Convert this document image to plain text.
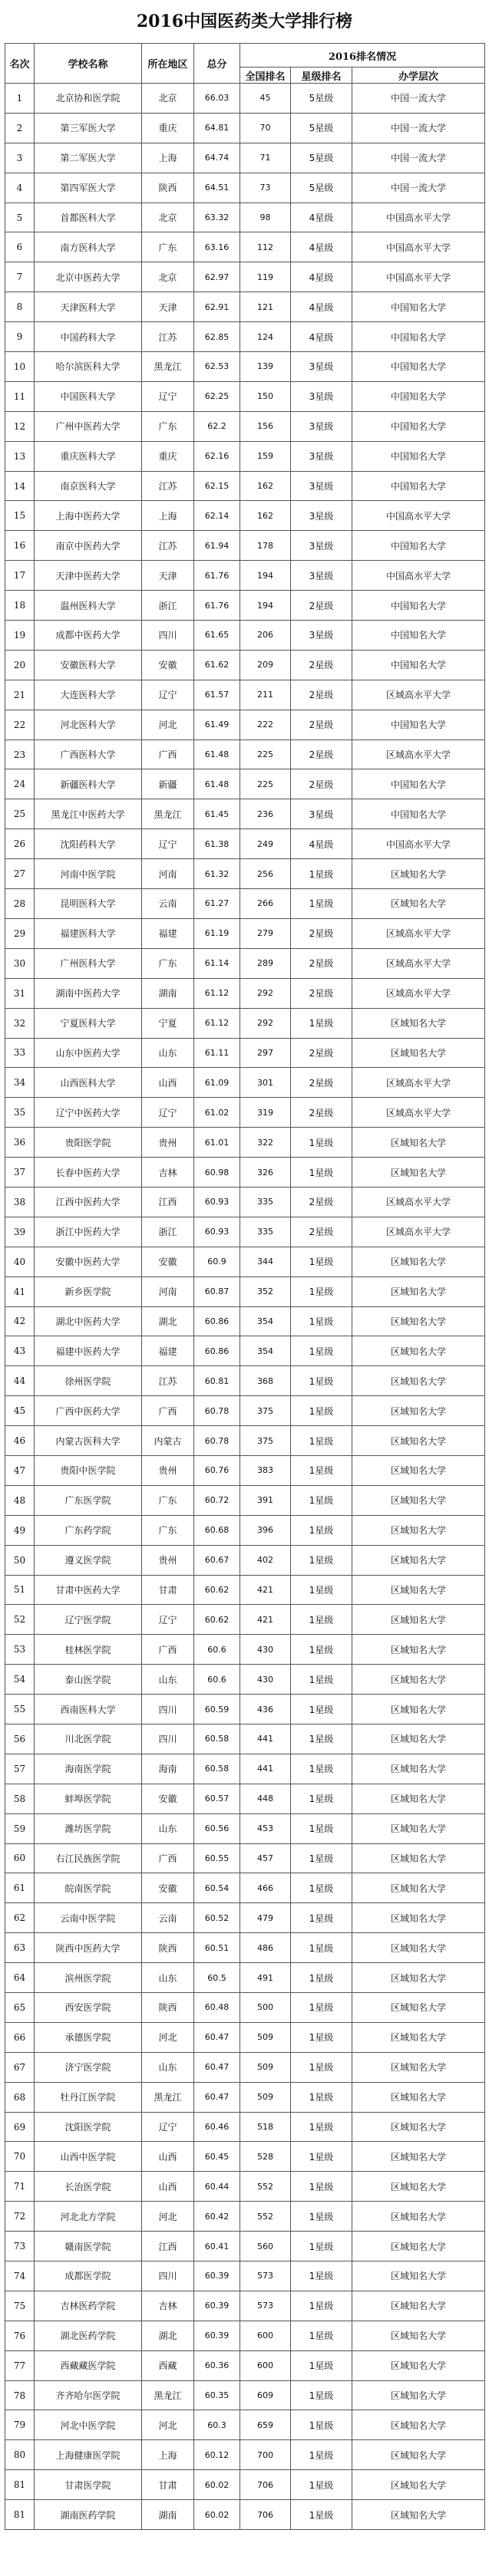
2016中国医药类大学排行榜
名次	学校名称	所在地区	总分	2016排名情况		
				全国排名	星级排名	办学层次
1	北京协和医学院	北京	66.03	45	5星级	中国一流大学
2	第三军医大学	重庆	64.81	70	5星级	中国一流大学
3	第二军医大学	上海	64.74	71	5星级	中国一流大学
4	第四军医大学	陕西	64.51	73	5星级	中国一流大学
5	首都医科大学	北京	63.32	98	4星级	中国高水平大学
6	南方医科大学	广东	63.16	112	4星级	中国高水平大学
7	北京中医药大学	北京	62.97	119	4星级	中国高水平大学
8	天津医科大学	天津	62.91	121	4星级	中国知名大学
9	中国药科大学	江苏	62.85	124	4星级	中国知名大学
10	哈尔滨医科大学	黑龙江	62.53	139	3星级	中国知名大学
11	中国医科大学	辽宁	62.25	150	3星级	中国知名大学
12	广州中医药大学	广东	62.2	156	3星级	中国知名大学
13	重庆医科大学	重庆	62.16	159	3星级	中国知名大学
14	南京医科大学	江苏	62.15	162	3星级	中国知名大学
15	上海中医药大学	上海	62.14	162	3星级	中国高水平大学
16	南京中医药大学	江苏	61.94	178	3星级	中国知名大学
17	天津中医药大学	天津	61.76	194	3星级	中国高水平大学
18	温州医科大学	浙江	61.76	194	2星级	中国知名大学
19	成都中医药大学	四川	61.65	206	3星级	中国知名大学
20	安徽医科大学	安徽	61.62	209	2星级	中国知名大学
21	大连医科大学	辽宁	61.57	211	2星级	区域高水平大学
22	河北医科大学	河北	61.49	222	2星级	中国知名大学
23	广西医科大学	广西	61.48	225	2星级	区域高水平大学
24	新疆医科大学	新疆	61.48	225	2星级	中国知名大学
25	黑龙江中医药大学	黑龙江	61.45	236	3星级	中国知名大学
26	沈阳药科大学	辽宁	61.38	249	4星级	中国高水平大学
27	河南中医学院	河南	61.32	256	1星级	区域知名大学
28	昆明医科大学	云南	61.27	266	1星级	区域知名大学
29	福建医科大学	福建	61.19	279	2星级	区域高水平大学
30	广州医科大学	广东	61.14	289	2星级	区域高水平大学
31	湖南中医药大学	湖南	61.12	292	2星级	区域高水平大学
32	宁夏医科大学	宁夏	61.12	292	1星级	区域知名大学
33	山东中医药大学	山东	61.11	297	2星级	区域知名大学
34	山西医科大学	山西	61.09	301	2星级	区域高水平大学
35	辽宁中医药大学	辽宁	61.02	319	2星级	区域高水平大学
36	贵阳医学院	贵州	61.01	322	1星级	区域知名大学
37	长春中医药大学	吉林	60.98	326	1星级	区域知名大学
38	江西中医药大学	江西	60.93	335	2星级	区域高水平大学
39	浙江中医药大学	浙江	60.93	335	2星级	区域高水平大学
40	安徽中医药大学	安徽	60.9	344	1星级	区域知名大学
41	新乡医学院	河南	60.87	352	1星级	区域知名大学
42	湖北中医药大学	湖北	60.86	354	1星级	区域知名大学
43	福建中医药大学	福建	60.86	354	1星级	区域知名大学
44	徐州医学院	江苏	60.81	368	1星级	区域知名大学
45	广西中医药大学	广西	60.78	375	1星级	区域知名大学
46	内蒙古医科大学	内蒙古	60.78	375	1星级	区域知名大学
47	贵阳中医学院	贵州	60.76	383	1星级	区域知名大学
48	广东医学院	广东	60.72	391	1星级	区域知名大学
49	广东药学院	广东	60.68	396	1星级	区域知名大学
50	遵义医学院	贵州	60.67	402	1星级	区域知名大学
51	甘肃中医药大学	甘肃	60.62	421	1星级	区域知名大学
52	辽宁医学院	辽宁	60.62	421	1星级	区域知名大学
53	桂林医学院	广西	60.6	430	1星级	区域知名大学
54	泰山医学院	山东	60.6	430	1星级	区域知名大学
55	西南医科大学	四川	60.59	436	1星级	区域知名大学
56	川北医学院	四川	60.58	441	1星级	区域知名大学
57	海南医学院	海南	60.58	441	1星级	区域知名大学
58	蚌埠医学院	安徽	60.57	448	1星级	区域知名大学
59	潍坊医学院	山东	60.56	453	1星级	区域知名大学
60	右江民族医学院	广西	60.55	457	1星级	区域知名大学
61	皖南医学院	安徽	60.54	466	1星级	区域知名大学
62	云南中医学院	云南	60.52	479	1星级	区域知名大学
63	陕西中医药大学	陕西	60.51	486	1星级	区域知名大学
64	滨州医学院	山东	60.5	491	1星级	区域知名大学
65	西安医学院	陕西	60.48	500	1星级	区域知名大学
66	承德医学院	河北	60.47	509	1星级	区域知名大学
67	济宁医学院	山东	60.47	509	1星级	区域知名大学
68	牡丹江医学院	黑龙江	60.47	509	1星级	区域知名大学
69	沈阳医学院	辽宁	60.46	518	1星级	区域知名大学
70	山西中医学院	山西	60.45	528	1星级	区域知名大学
71	长治医学院	山西	60.44	552	1星级	区域知名大学
72	河北北方学院	河北	60.42	552	1星级	区域知名大学
73	赣南医学院	江西	60.41	560	1星级	区域知名大学
74	成都医学院	四川	60.39	573	1星级	区域知名大学
75	吉林医药学院	吉林	60.39	573	1星级	区域知名大学
76	湖北医药学院	湖北	60.39	600	1星级	区域知名大学
77	西藏藏医学院	西藏	60.36	600	1星级	区域知名大学
78	齐齐哈尔医学院	黑龙江	60.35	609	1星级	区域知名大学
79	河北中医学院	河北	60.3	659	1星级	区域知名大学
80	上海健康医学院	上海	60.12	700	1星级	区域知名大学
81	甘肃医学院	甘肃	60.02	706	1星级	区域知名大学
81	湖南医药学院	湖南	60.02	706	1星级	区域知名大学
